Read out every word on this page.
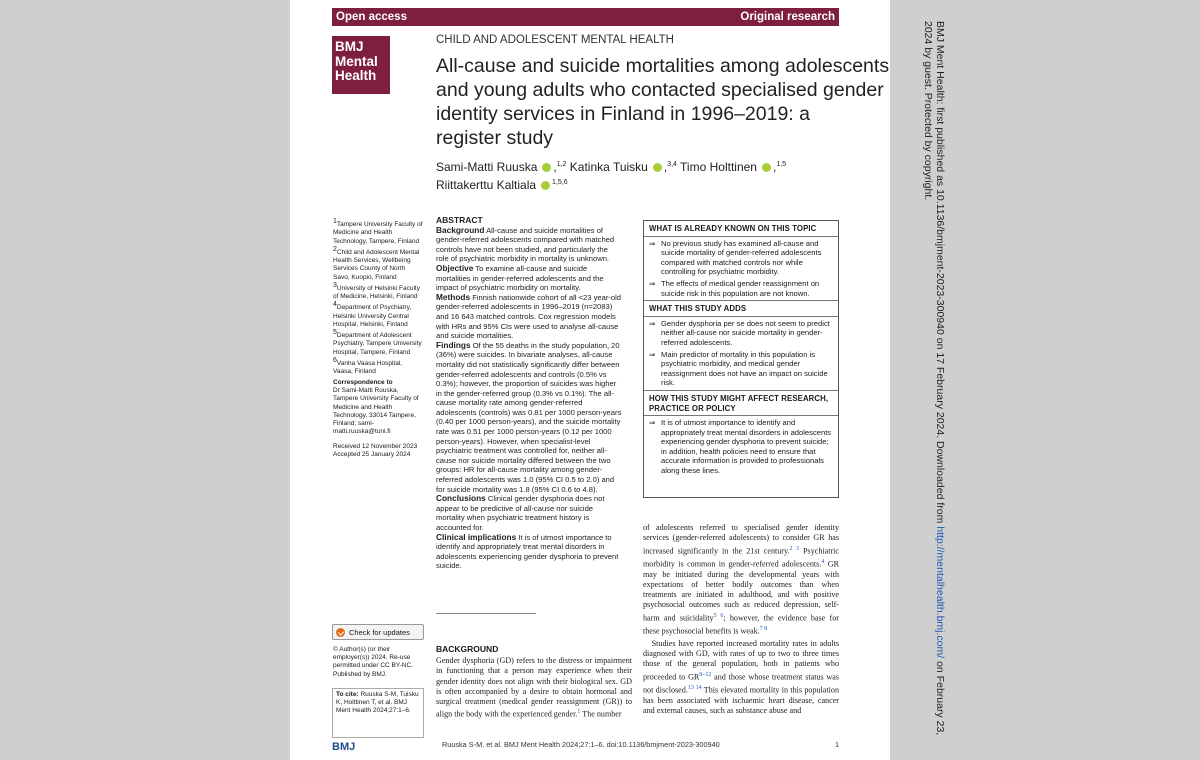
Open access	Original research
BMJ
Mental
Health
CHILD AND ADOLESCENT MENTAL HEALTH
All-cause and suicide mortalities among adolescents
and young adults who contacted specialised gender
identity services in Finland in 1996–2019: a
register study
Sami-Matti Ruuska ,$^{1,2}$ Katinka Tuisku ,$^{3,4}$ Timo Holttinen ,$^{1,5}$
Riittakerttu Kaltiala $^{1,5,6}$

$^1$Tampere University Faculty of Medicine and Health Technology, Tampere, Finland

$^2$Child and Adolescent Mental Health Services, Wellbeing Services County of North Savo, Kuopio, Finland

$^3$University of Helsinki Faculty of Medicine, Helsinki, Finland

$^4$Department of Psychiatry, Helsinki University Central Hospital, Helsinki, Finland

$^5$Department of Adolescent Psychiatry, Tampere University Hospital, Tampere, Finland

$^6$Vanha Vaasa Hospital, Vaasa, Finland

Correspondence to
Dr Sami-Matti Ruuska, Tampere University Faculty of Medicine and Health Technology, 33014 Tampere, Finland; sami-matti.ruuska@tuni.fi
Received 12 November 2023
Accepted 25 January 2024
Check for updates
© Author(s) (or their employer(s)) 2024. Re-use permitted under CC BY-NC. Published by BMJ.
To cite: Ruuska S-M, Tuisku K, Holttinen T, et al. BMJ Ment Health 2024;27:1–6.
ABSTRACT

Background All-cause and suicide mortalities of gender-referred adolescents compared with matched controls have not been studied, and particularly the role of psychiatric morbidity in mortality is unknown.

Objective To examine all-cause and suicide mortalities in gender-referred adolescents and the impact of psychiatric morbidity on mortality.

Methods Finnish nationwide cohort of all <23 year-old gender-referred adolescents in 1996–2019 (n=2083) and 16 643 matched controls. Cox regression models with HRs and 95% CIs were used to analyse all-cause and suicide mortalities.

Findings Of the 55 deaths in the study population, 20 (36%) were suicides. In bivariate analyses, all-cause mortality did not statistically significantly differ between gender-referred adolescents and controls (0.5% vs 0.3%); however, the proportion of suicides was higher in the gender-referred group (0.3% vs 0.1%). The all-cause mortality rate among gender-referred adolescents (controls) was 0.81 per 1000 person-years (0.40 per 1000 person-years), and the suicide mortality rate was 0.51 per 1000 person-years (0.12 per 1000 person-years). However, when specialist-level psychiatric treatment was controlled for, neither all-cause nor suicide mortality differed between the two groups: HR for all-cause mortality among gender-referred adolescents was 1.0 (95% CI 0.5 to 2.0) and for suicide mortality was 1.8 (95% CI 0.6 to 4.8).

Conclusions Clinical gender dysphoria does not appear to be predictive of all-cause nor suicide mortality when psychiatric treatment history is accounted for.

Clinical implications It is of utmost importance to identify and appropriately treat mental disorders in adolescents experiencing gender dysphoria to prevent suicide.

WHAT IS ALREADY KNOWN ON THIS TOPIC
⇒ No previous study has examined all-cause and suicide mortality of gender-referred adolescents compared with matched controls nor while controlling for psychiatric morbidity.
⇒ The effects of medical gender reassignment on suicide risk in this population are not known.
WHAT THIS STUDY ADDS
⇒ Gender dysphoria per se does not seem to predict neither all-cause nor suicide mortality in gender-referred adolescents.
⇒ Main predictor of mortality in this population is psychiatric morbidity, and medical gender reassignment does not have an impact on suicide risk.
HOW THIS STUDY MIGHT AFFECT RESEARCH, PRACTICE OR POLICY
⇒ It is of utmost importance to identify and appropriately treat mental disorders in adolescents experiencing gender dysphoria to prevent suicide; in addition, health policies need to ensure that accurate information is provided to professionals along these lines.
BACKGROUND

Gender dysphoria (GD) refers to the distress or impairment in functioning that a person may experience when their gender identity does not align with their biological sex. GD is often accompanied by a desire to obtain hormonal and surgical treatment (medical gender reassignment (GR)) to align the body with the experienced gender.$^1$ The number

of adolescents referred to specialised gender identity services (gender-referred adolescents) to consider GR has increased significantly in the 21st century.$^{2 3}$ Psychiatric morbidity is common in gender-referred adolescents.$^4$ GR may be initiated during the developmental years with expectations of better bodily outcomes than when treatments are initiated in adulthood, and with positive psychosocial outcomes such as reduced depression, self-harm and suicidality$^{5 6}$; however, the evidence base for these psychosocial benefits is weak.$^{7 8}$

Studies have reported increased mortality rates in adults diagnosed with GD, with rates of up to two to three times those of the general population, both in patients who proceeded to GR$^{9-12}$ and those whose treatment status was not disclosed.$^{13 14}$ This elevated mortality in this population has been associated with ischaemic heart disease, cancer and external causes, such as substance abuse and

BMJ	Ruuska S-M, et al. BMJ Ment Health 2024;27:1–6. doi:10.1136/bmjment-2023-300940	1
BMJ Ment Health: first published as 10.1136/bmjment-2023-300940 on 17 February 2024. Downloaded from http://mentalhealth.bmj.com/ on February 23, 2024 by guest. Protected by copyright.
